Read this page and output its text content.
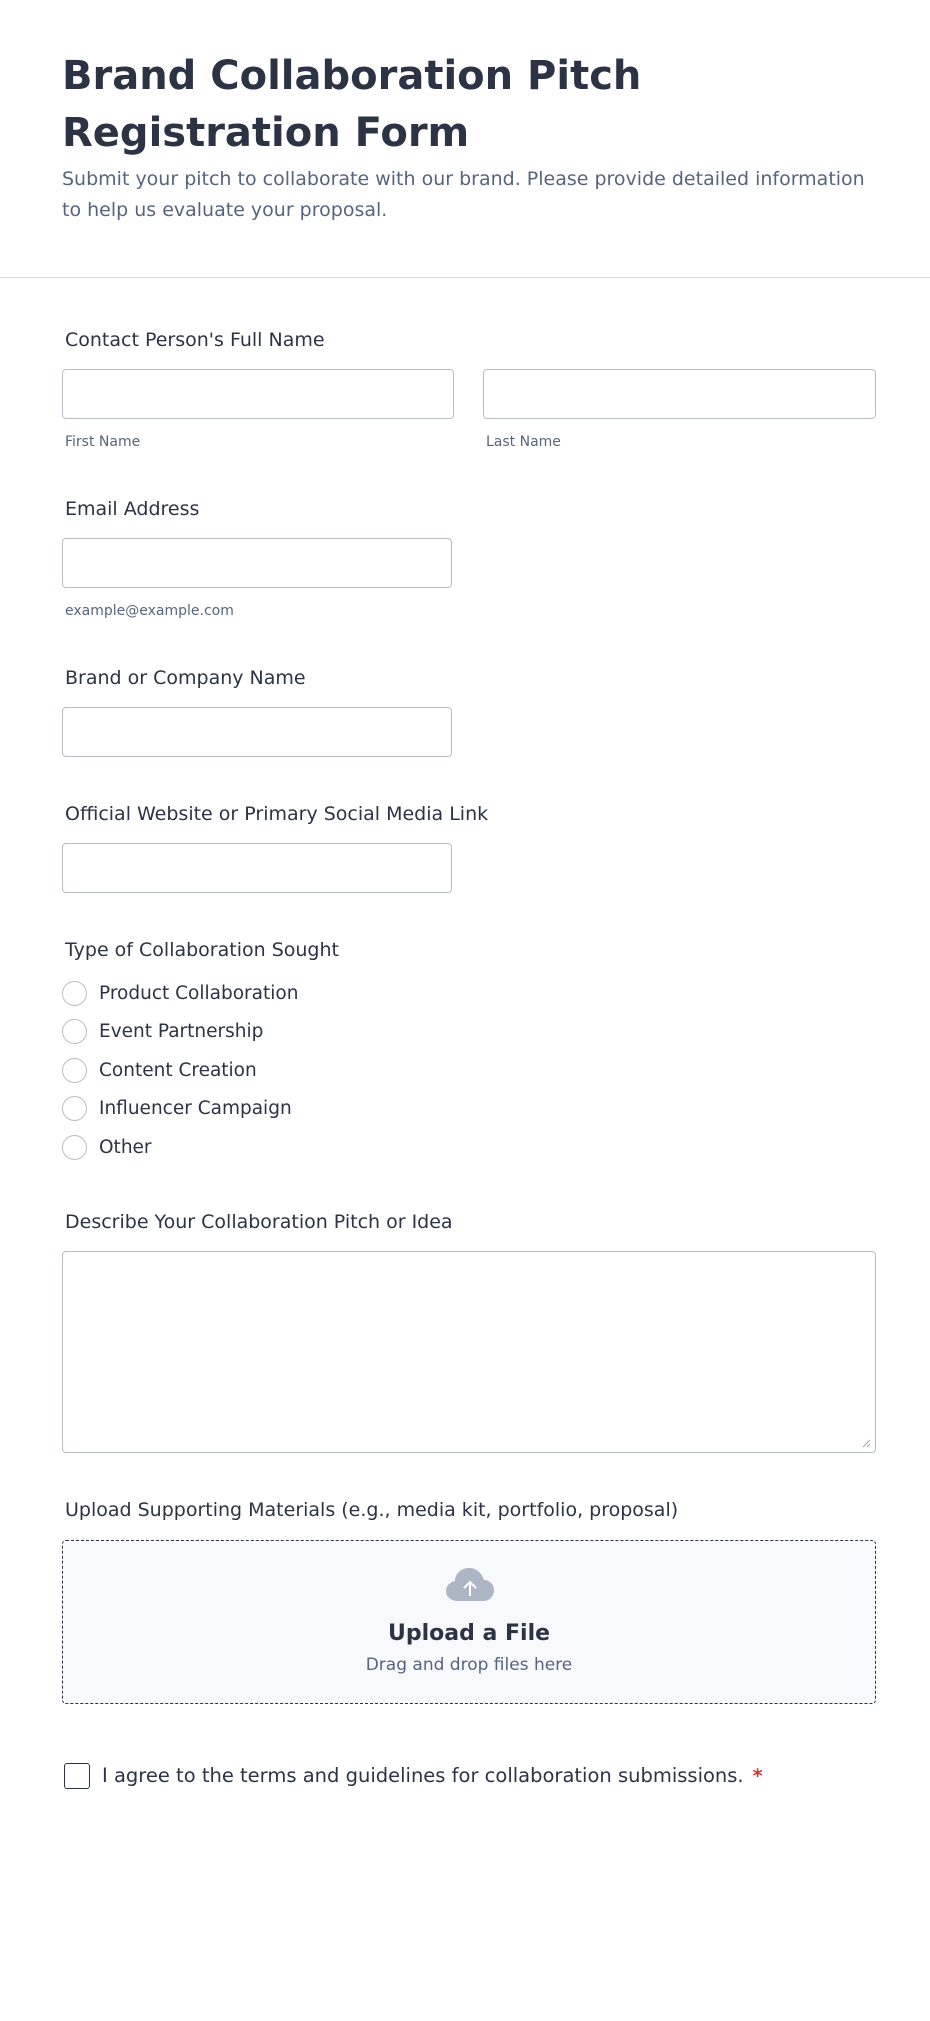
Brand Collaboration Pitch Registration Form

Submit your pitch to collaborate with our brand. Please provide detailed information to help us evaluate your proposal.

Contact Person's Full Name
First Name	Last Name
Email Address
example@example.com
Brand or Company Name
Official Website or Primary Social Media Link
Type of Collaboration Sought
Product Collaboration
Event Partnership
Content Creation
Influencer Campaign
Other
Describe Your Collaboration Pitch or Idea
Upload Supporting Materials (e.g., media kit, portfolio, proposal)
Upload a File
Drag and drop files here
I agree to the terms and guidelines for collaboration submissions. *
